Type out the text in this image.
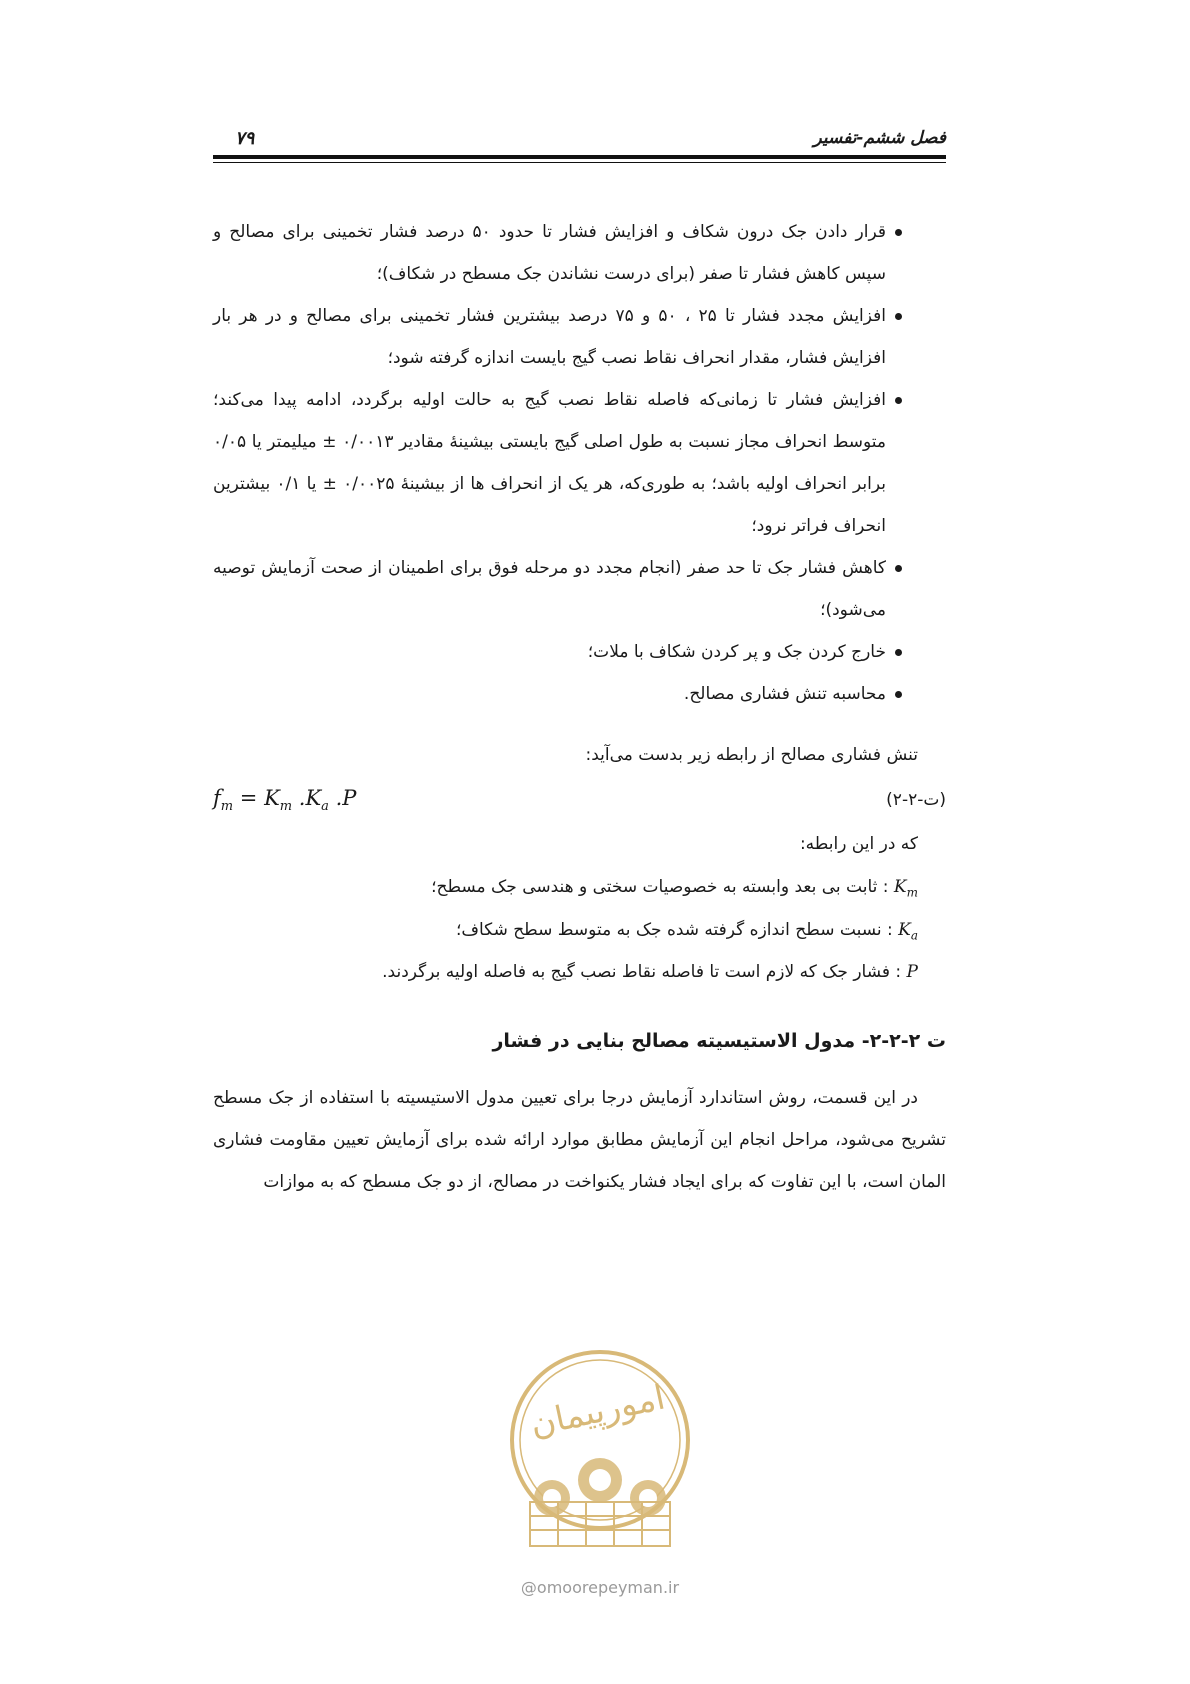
فصل ششم-تفسیر
۷۹
قرار دادن جک درون شکاف و افزایش فشار تا حدود ۵۰ درصد فشار تخمینی برای مصالح و سپس کاهش فشار تا صفر (برای درست نشاندن جک مسطح در شکاف)؛
افزایش مجدد فشار تا ۲۵ ، ۵۰ و ۷۵ درصد بیشترین فشار تخمینی برای مصالح و در هر بار افزایش فشار، مقدار انحراف نقاط نصب گیج بایست اندازه گرفته شود؛
افزایش فشار تا زمانی‌که فاصله نقاط نصب گیج به حالت اولیه برگردد، ادامه پیدا می‌کند؛ متوسط انحراف مجاز نسبت به طول اصلی گیج بایستی بیشینهٔ مقادیر ۰/۰۰۱۳ ± میلیمتر یا ۰/۰۵ برابر انحراف اولیه باشد؛ به طوری‌که، هر یک از انحراف ها از بیشینهٔ ۰/۰۰۲۵ ± یا ۰/۱ بیشترین انحراف فراتر نرود؛
کاهش فشار جک تا حد صفر (انجام مجدد دو مرحله فوق برای اطمینان از صحت آزمایش توصیه می‌شود)؛
خارج کردن جک و پر کردن شکاف با ملات؛
محاسبه تنش فشاری مصالح.
تنش فشاری مصالح از رابطه زیر بدست می‌آید:
(ت-۲-۲)
$f_m = K_m$ $.K_a$ .P
که در این رابطه:
$K_m$ : ثابت بی بعد وابسته به خصوصیات سختی و هندسی جک مسطح؛
$K_a$ : نسبت سطح اندازه گرفته شده جک به متوسط سطح شکاف؛
P : فشار جک که لازم است تا فاصله نقاط نصب گیج به فاصله اولیه برگردند.
ت ۲-۲-۲- مدول الاستیسیته مصالح بنایی در فشار

در این قسمت، روش استاندارد آزمایش درجا برای تعیین مدول الاستیسیته با استفاده از جک مسطح تشریح می‌شود، مراحل انجام این آزمایش مطابق موارد ارائه شده برای آزمایش تعیین مقاومت فشاری المان است، با این تفاوت که برای ایجاد فشار یکنواخت در مصالح، از دو جک مسطح که به موازات

امورپیمان
@omoorepeyman.ir
